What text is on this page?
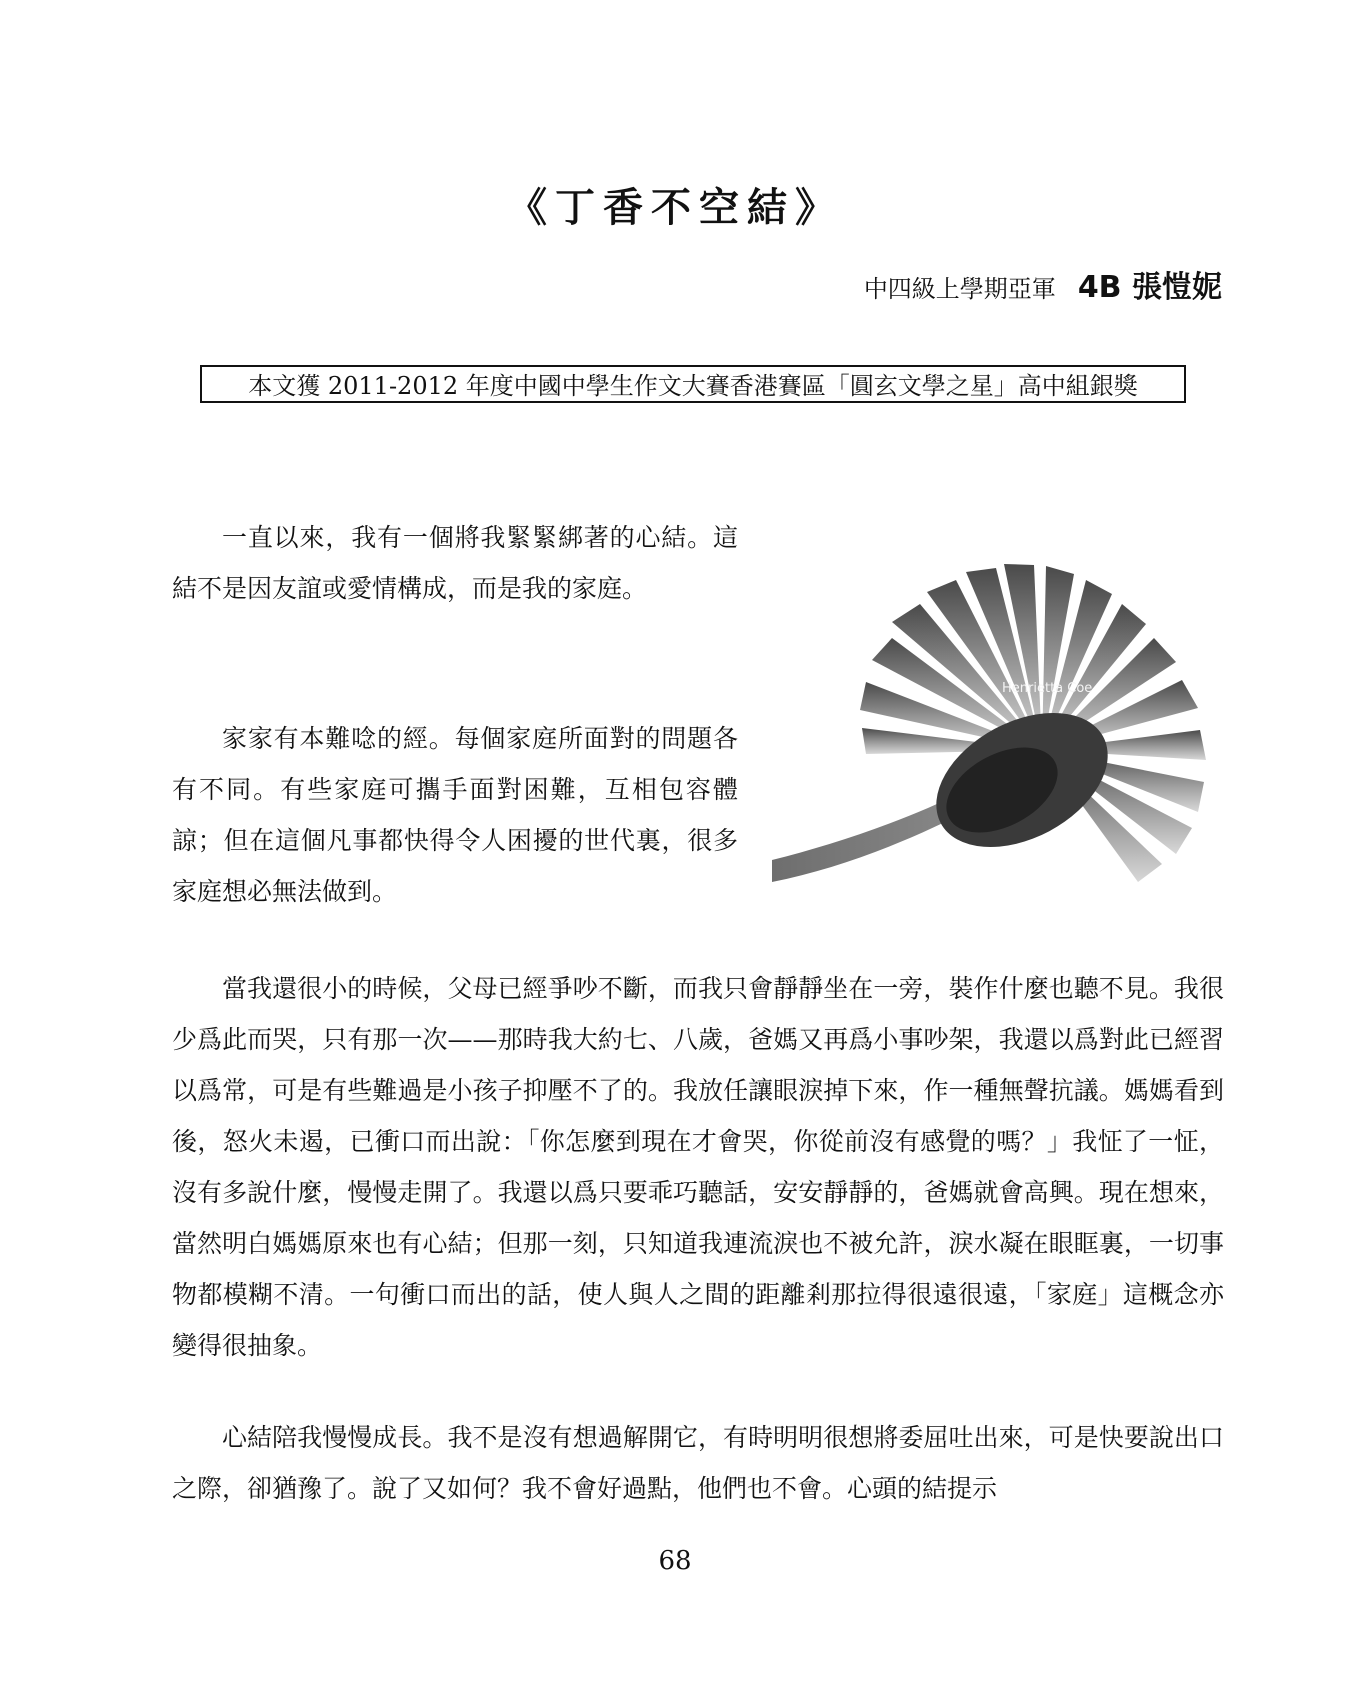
《丁香不空結》
中四級上學期亞軍 4B 張愷妮
本文獲 2011-2012 年度中國中學生作文大賽香港賽區「圓玄文學之星」高中組銀獎

一直以來，我有一個將我緊緊綁著的心結。這結不是因友誼或愛情構成，而是我的家庭。

家家有本難唸的經。每個家庭所面對的問題各有不同。有些家庭可攜手面對困難，互相包容體諒；但在這個凡事都快得令人困擾的世代裏，很多家庭想必無法做到。

Henrietta Coe

當我還很小的時候，父母已經爭吵不斷，而我只會靜靜坐在一旁，裝作什麼也聽不見。我很少爲此而哭，只有那一次——那時我大約七、八歲，爸媽又再爲小事吵架，我還以爲對此已經習以爲常，可是有些難過是小孩子抑壓不了的。我放任讓眼淚掉下來，作一種無聲抗議。媽媽看到後，怒火未遏，已衝口而出說：「你怎麼到現在才會哭，你從前沒有感覺的嗎？」我怔了一怔，沒有多說什麼，慢慢走開了。我還以爲只要乖巧聽話，安安靜靜的，爸媽就會高興。現在想來，當然明白媽媽原來也有心結；但那一刻，只知道我連流淚也不被允許，淚水凝在眼眶裏，一切事物都模糊不清。一句衝口而出的話，使人與人之間的距離剎那拉得很遠很遠，「家庭」這概念亦變得很抽象。

心結陪我慢慢成長。我不是沒有想過解開它，有時明明很想將委屈吐出來，可是快要說出口之際，卻猶豫了。說了又如何？我不會好過點，他們也不會。心頭的結提示

68
